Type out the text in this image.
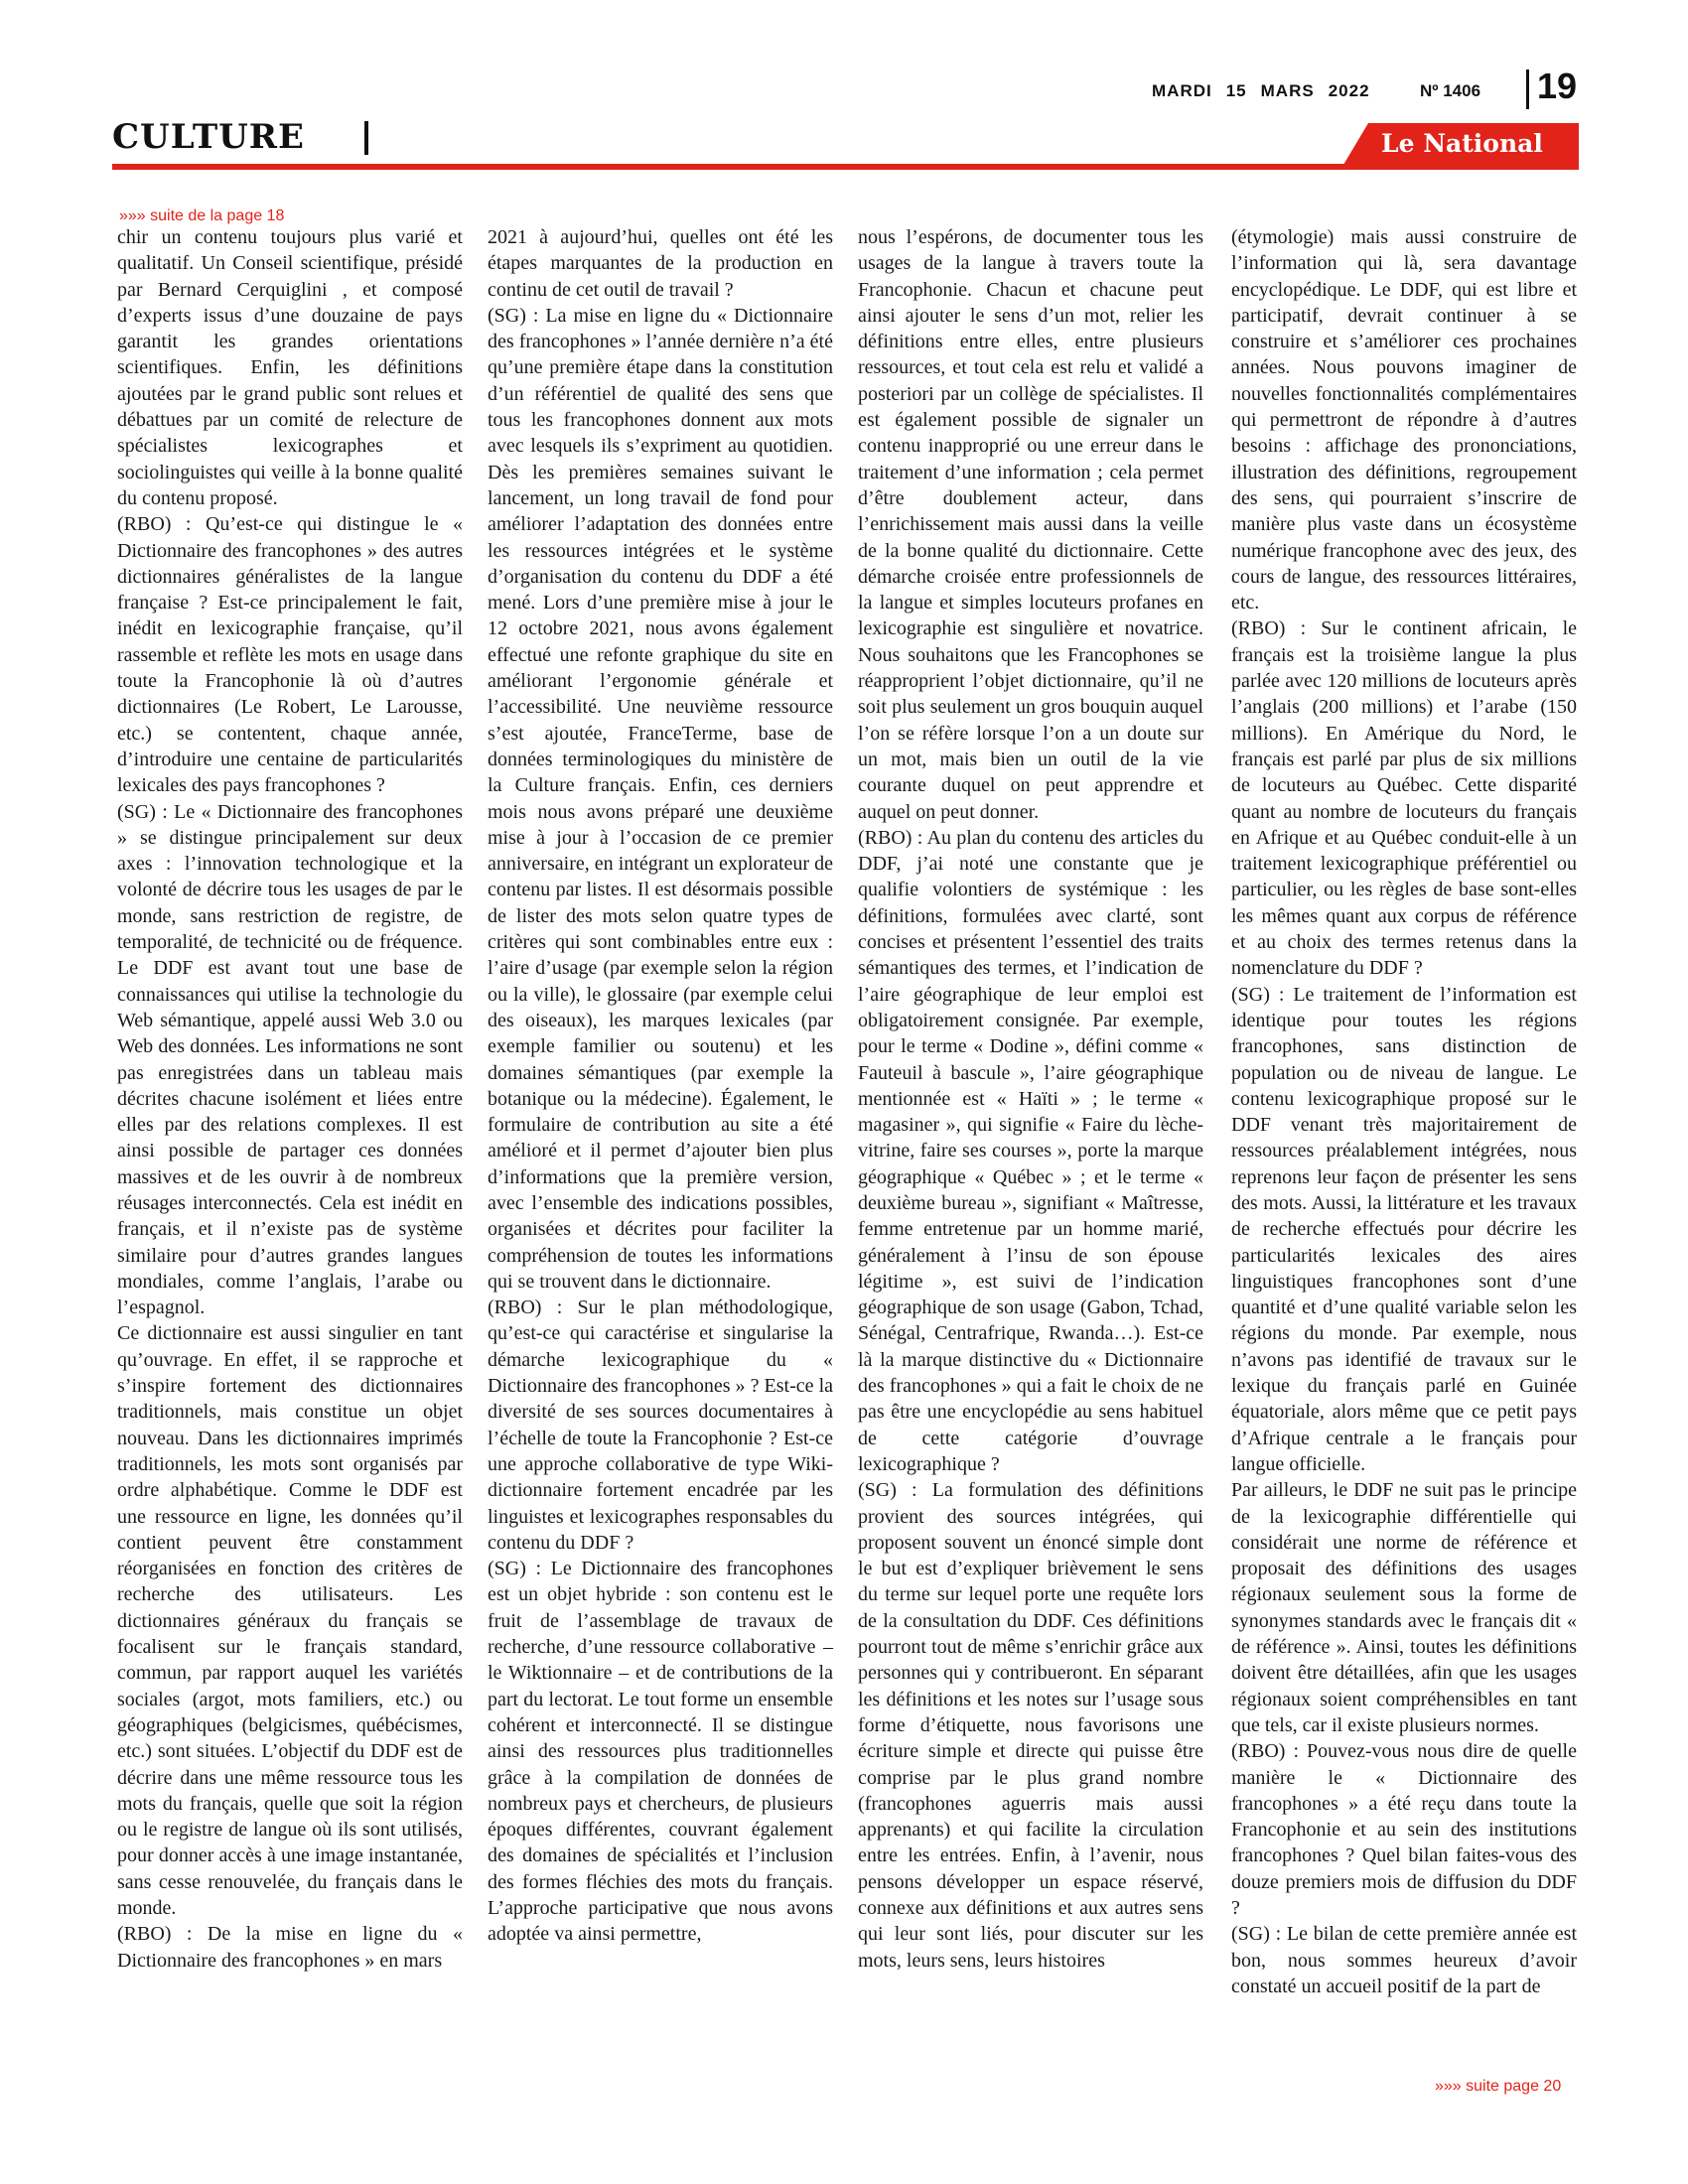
CULTURE
MARDI 15 MARS 2022	Nº 1406 19
Le National
»»» suite de la page 18

chir un contenu toujours plus varié et qualitatif. Un Conseil scientifique, présidé par Bernard Cerquiglini , et composé d’experts issus d’une douzaine de pays garantit les grandes orientations scientifiques. Enfin, les définitions ajoutées par le grand public sont relues et débattues par un comité de relecture de spécialistes lexicographes et sociolinguistes qui veille à la bonne qualité du contenu proposé.

(RBO) : Qu’est-ce qui distingue le « Dictionnaire des francophones » des autres dictionnaires généralistes de la langue française ? Est-ce principalement le fait, inédit en lexicographie française, qu’il rassemble et reflète les mots en usage dans toute la Francophonie là où d’autres dictionnaires (Le Robert, Le Larousse, etc.) se contentent, chaque année, d’introduire une centaine de particularités lexicales des pays francophones ?

(SG) : Le « Dictionnaire des francophones » se distingue principalement sur deux axes : l’innovation technologique et la volonté de décrire tous les usages de par le monde, sans restriction de registre, de temporalité, de technicité ou de fréquence. Le DDF est avant tout une base de connaissances qui utilise la technologie du Web sémantique, appelé aussi Web 3.0 ou Web des données. Les informations ne sont pas enregistrées dans un tableau mais décrites chacune isolément et liées entre elles par des relations complexes. Il est ainsi possible de partager ces données massives et de les ouvrir à de nombreux réusages interconnectés. Cela est inédit en français, et il n’existe pas de système similaire pour d’autres grandes langues mondiales, comme l’anglais, l’arabe ou l’espagnol.

Ce dictionnaire est aussi singulier en tant qu’ouvrage. En effet, il se rapproche et s’inspire fortement des dictionnaires traditionnels, mais constitue un objet nouveau. Dans les dictionnaires imprimés traditionnels, les mots sont organisés par ordre alphabétique. Comme le DDF est une ressource en ligne, les données qu’il contient peuvent être constamment réorganisées en fonction des critères de recherche des utilisateurs. Les dictionnaires généraux du français se focalisent sur le français standard, commun, par rapport auquel les variétés sociales (argot, mots familiers, etc.) ou géographiques (belgicismes, québécismes, etc.) sont situées. L’objectif du DDF est de décrire dans une même ressource tous les mots du français, quelle que soit la région ou le registre de langue où ils sont utilisés, pour donner accès à une image instantanée, sans cesse renouvelée, du français dans le monde.

(RBO) : De la mise en ligne du « Dictionnaire des francophones » en mars

2021 à aujourd’hui, quelles ont été les étapes marquantes de la production en continu de cet outil de travail ?

(SG) : La mise en ligne du « Dictionnaire des francophones » l’année dernière n’a été qu’une première étape dans la constitution d’un référentiel de qualité des sens que tous les francophones donnent aux mots avec lesquels ils s’expriment au quotidien. Dès les premières semaines suivant le lancement, un long travail de fond pour améliorer l’adaptation des données entre les ressources intégrées et le système d’organisation du contenu du DDF a été mené. Lors d’une première mise à jour le 12 octobre 2021, nous avons également effectué une refonte graphique du site en améliorant l’ergonomie générale et l’accessibilité. Une neuvième ressource s’est ajoutée, FranceTerme, base de données terminologiques du ministère de la Culture français. Enfin, ces derniers mois nous avons préparé une deuxième mise à jour à l’occasion de ce premier anniversaire, en intégrant un explorateur de contenu par listes. Il est désormais possible de lister des mots selon quatre types de critères qui sont combinables entre eux : l’aire d’usage (par exemple selon la région ou la ville), le glossaire (par exemple celui des oiseaux), les marques lexicales (par exemple familier ou soutenu) et les domaines sémantiques (par exemple la botanique ou la médecine). Également, le formulaire de contribution au site a été amélioré et il permet d’ajouter bien plus d’informations que la première version, avec l’ensemble des indications possibles, organisées et décrites pour faciliter la compréhension de toutes les informations qui se trouvent dans le dictionnaire.

(RBO) : Sur le plan méthodologique, qu’est-ce qui caractérise et singularise la démarche lexicographique du « Dictionnaire des francophones » ? Est-ce la diversité de ses sources documentaires à l’échelle de toute la Francophonie ? Est-ce une approche collaborative de type Wiki-dictionnaire fortement encadrée par les linguistes et lexicographes responsables du contenu du DDF ?

(SG) : Le Dictionnaire des francophones est un objet hybride : son contenu est le fruit de l’assemblage de travaux de recherche, d’une ressource collaborative – le Wiktionnaire – et de contributions de la part du lectorat. Le tout forme un ensemble cohérent et interconnecté. Il se distingue ainsi des ressources plus traditionnelles grâce à la compilation de données de nombreux pays et chercheurs, de plusieurs époques différentes, couvrant également des domaines de spécialités et l’inclusion des formes fléchies des mots du français. L’approche participative que nous avons adoptée va ainsi permettre,

nous l’espérons, de documenter tous les usages de la langue à travers toute la Francophonie. Chacun et chacune peut ainsi ajouter le sens d’un mot, relier les définitions entre elles, entre plusieurs ressources, et tout cela est relu et validé a posteriori par un collège de spécialistes. Il est également possible de signaler un contenu inapproprié ou une erreur dans le traitement d’une information ; cela permet d’être doublement acteur, dans l’enrichissement mais aussi dans la veille de la bonne qualité du dictionnaire. Cette démarche croisée entre professionnels de la langue et simples locuteurs profanes en lexicographie est singulière et novatrice. Nous souhaitons que les Francophones se réapproprient l’objet dictionnaire, qu’il ne soit plus seulement un gros bouquin auquel l’on se réfère lorsque l’on a un doute sur un mot, mais bien un outil de la vie courante duquel on peut apprendre et auquel on peut donner.

(RBO) : Au plan du contenu des articles du DDF, j’ai noté une constante que je qualifie volontiers de systémique : les définitions, formulées avec clarté, sont concises et présentent l’essentiel des traits sémantiques des termes, et l’indication de l’aire géographique de leur emploi est obligatoirement consignée. Par exemple, pour le terme « Dodine », défini comme « Fauteuil à bascule », l’aire géographique mentionnée est « Haïti » ; le terme « magasiner », qui signifie « Faire du lèche-vitrine, faire ses courses », porte la marque géographique « Québec » ; et le terme « deuxième bureau », signifiant « Maîtresse, femme entretenue par un homme marié, généralement à l’insu de son épouse légitime », est suivi de l’indication géographique de son usage (Gabon, Tchad, Sénégal, Centrafrique, Rwanda…). Est-ce là la marque distinctive du « Dictionnaire des francophones » qui a fait le choix de ne pas être une encyclopédie au sens habituel de cette catégorie d’ouvrage lexicographique ?

(SG) : La formulation des définitions provient des sources intégrées, qui proposent souvent un énoncé simple dont le but est d’expliquer brièvement le sens du terme sur lequel porte une requête lors de la consultation du DDF. Ces définitions pourront tout de même s’enrichir grâce aux personnes qui y contribueront. En séparant les définitions et les notes sur l’usage sous forme d’étiquette, nous favorisons une écriture simple et directe qui puisse être comprise par le plus grand nombre (francophones aguerris mais aussi apprenants) et qui facilite la circulation entre les entrées. Enfin, à l’avenir, nous pensons développer un espace réservé, connexe aux définitions et aux autres sens qui leur sont liés, pour discuter sur les mots, leurs sens, leurs histoires

(étymologie) mais aussi construire de l’information qui là, sera davantage encyclopédique. Le DDF, qui est libre et participatif, devrait continuer à se construire et s’améliorer ces prochaines années. Nous pouvons imaginer de nouvelles fonctionnalités complémentaires qui permettront de répondre à d’autres besoins : affichage des prononciations, illustration des définitions, regroupement des sens, qui pourraient s’inscrire de manière plus vaste dans un écosystème numérique francophone avec des jeux, des cours de langue, des ressources littéraires, etc.

(RBO) : Sur le continent africain, le français est la troisième langue la plus parlée avec 120 millions de locuteurs après l’anglais (200 millions) et l’arabe (150 millions). En Amérique du Nord, le français est parlé par plus de six millions de locuteurs au Québec. Cette disparité quant au nombre de locuteurs du français en Afrique et au Québec conduit-elle à un traitement lexicographique préférentiel ou particulier, ou les règles de base sont-elles les mêmes quant aux corpus de référence et au choix des termes retenus dans la nomenclature du DDF ?

(SG) : Le traitement de l’information est identique pour toutes les régions francophones, sans distinction de population ou de niveau de langue. Le contenu lexicographique proposé sur le DDF venant très majoritairement de ressources préalablement intégrées, nous reprenons leur façon de présenter les sens des mots. Aussi, la littérature et les travaux de recherche effectués pour décrire les particularités lexicales des aires linguistiques francophones sont d’une quantité et d’une qualité variable selon les régions du monde. Par exemple, nous n’avons pas identifié de travaux sur le lexique du français parlé en Guinée équatoriale, alors même que ce petit pays d’Afrique centrale a le français pour langue officielle.

Par ailleurs, le DDF ne suit pas le principe de la lexicographie différentielle qui considérait une norme de référence et proposait des définitions des usages régionaux seulement sous la forme de synonymes standards avec le français dit « de référence ». Ainsi, toutes les définitions doivent être détaillées, afin que les usages régionaux soient compréhensibles en tant que tels, car il existe plusieurs normes.

(RBO) : Pouvez-vous nous dire de quelle manière le « Dictionnaire des francophones » a été reçu dans toute la Francophonie et au sein des institutions francophones ? Quel bilan faites-vous des douze premiers mois de diffusion du DDF ?

(SG) : Le bilan de cette première année est bon, nous sommes heureux d’avoir constaté un accueil positif de la part de

»»» suite page 20
